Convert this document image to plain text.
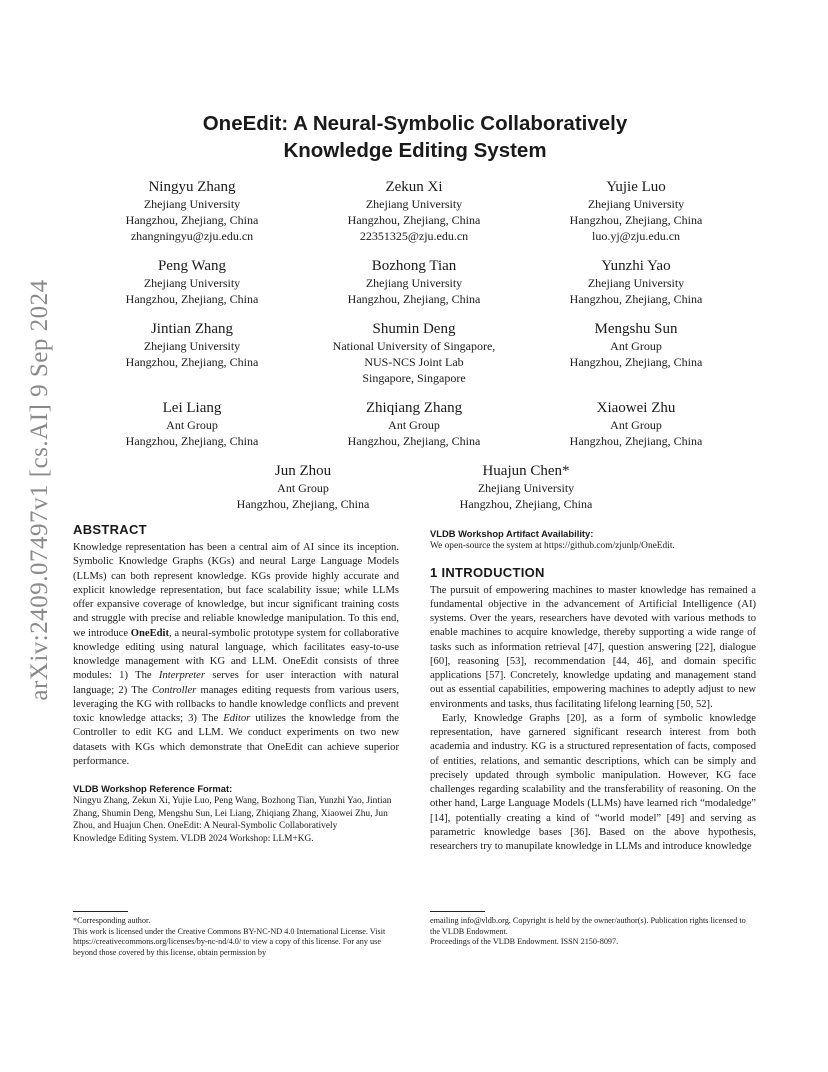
arXiv:2409.07497v1 [cs.AI] 9 Sep 2024
OneEdit: A Neural-Symbolic Collaboratively
Knowledge Editing System
Ningyu Zhang
Zhejiang University
Hangzhou, Zhejiang, China
zhangningyu@zju.edu.cn
Zekun Xi
Zhejiang University
Hangzhou, Zhejiang, China
22351325@zju.edu.cn
Yujie Luo
Zhejiang University
Hangzhou, Zhejiang, China
luo.yj@zju.edu.cn
Peng Wang
Zhejiang University
Hangzhou, Zhejiang, China
Bozhong Tian
Zhejiang University
Hangzhou, Zhejiang, China
Yunzhi Yao
Zhejiang University
Hangzhou, Zhejiang, China
Jintian Zhang
Zhejiang University
Hangzhou, Zhejiang, China
Shumin Deng
National University of Singapore,
NUS-NCS Joint Lab
Singapore, Singapore
Mengshu Sun
Ant Group
Hangzhou, Zhejiang, China
Lei Liang
Ant Group
Hangzhou, Zhejiang, China
Zhiqiang Zhang
Ant Group
Hangzhou, Zhejiang, China
Xiaowei Zhu
Ant Group
Hangzhou, Zhejiang, China
Jun Zhou
Ant Group
Hangzhou, Zhejiang, China
Huajun Chen*
Zhejiang University
Hangzhou, Zhejiang, China
ABSTRACT

Knowledge representation has been a central aim of AI since its inception. Symbolic Knowledge Graphs (KGs) and neural Large Language Models (LLMs) can both represent knowledge. KGs provide highly accurate and explicit knowledge representation, but face scalability issue; while LLMs offer expansive coverage of knowledge, but incur significant training costs and struggle with precise and reliable knowledge manipulation. To this end, we introduce OneEdit, a neural-symbolic prototype system for collaborative knowledge editing using natural language, which facilitates easy-to-use knowledge management with KG and LLM. OneEdit consists of three modules: 1) The Interpreter serves for user interaction with natural language; 2) The Controller manages editing requests from various users, leveraging the KG with rollbacks to handle knowledge conflicts and prevent toxic knowledge attacks; 3) The Editor utilizes the knowledge from the Controller to edit KG and LLM. We conduct experiments on two new datasets with KGs which demonstrate that OneEdit can achieve superior performance.

VLDB Workshop Reference Format:
Ningyu Zhang, Zekun Xi, Yujie Luo, Peng Wang, Bozhong Tian, Yunzhi Yao, Jintian Zhang, Shumin Deng, Mengshu Sun, Lei Liang, Zhiqiang Zhang, Xiaowei Zhu, Jun Zhou, and Huajun Chen. OneEdit: A Neural-Symbolic Collaboratively
Knowledge Editing System. VLDB 2024 Workshop: LLM+KG.
VLDB Workshop Artifact Availability:
We open-source the system at https://github.com/zjunlp/OneEdit.
1 INTRODUCTION

The pursuit of empowering machines to master knowledge has remained a fundamental objective in the advancement of Artificial Intelligence (AI) systems. Over the years, researchers have devoted with various methods to enable machines to acquire knowledge, thereby supporting a wide range of tasks such as information retrieval [47], question answering [22], dialogue [60], reasoning [53], recommendation [44, 46], and domain specific applications [57]. Concretely, knowledge updating and management stand out as essential capabilities, empowering machines to adeptly adjust to new environments and tasks, thus facilitating lifelong learning [50, 52].

Early, Knowledge Graphs [20], as a form of symbolic knowledge representation, have garnered significant research interest from both academia and industry. KG is a structured representation of facts, composed of entities, relations, and semantic descriptions, which can be simply and precisely updated through symbolic manipulation. However, KG face challenges regarding scalability and the transferability of reasoning. On the other hand, Large Language Models (LLMs) have learned rich “modaledge” [14], potentially creating a kind of “world model” [49] and serving as parametric knowledge bases [36]. Based on the above hypothesis, researchers try to manupilate knowledge in LLMs and introduce knowledge

*Corresponding author.
This work is licensed under the Creative Commons BY-NC-ND 4.0 International License. Visit https://creativecommons.org/licenses/by-nc-nd/4.0/ to view a copy of this license. For any use beyond those covered by this license, obtain permission by
emailing info@vldb.org. Copyright is held by the owner/author(s). Publication rights licensed to the VLDB Endowment.
Proceedings of the VLDB Endowment. ISSN 2150-8097.
